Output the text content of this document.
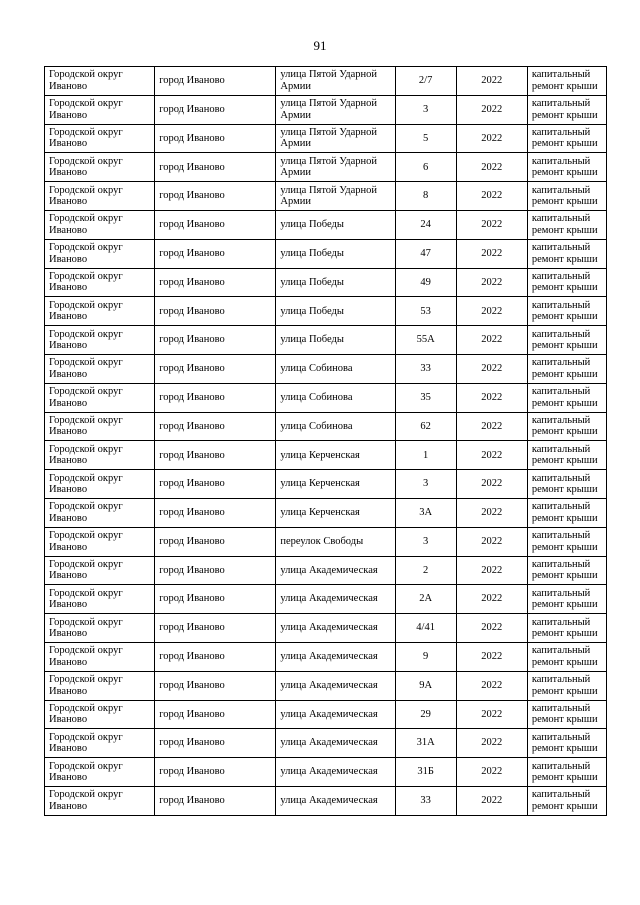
91
Городской округ Иваново	город Иваново	улица Пятой Ударной Армии	2/7	2022	капитальный ремонт крыши
Городской округ Иваново	город Иваново	улица Пятой Ударной Армии	3	2022	капитальный ремонт крыши
Городской округ Иваново	город Иваново	улица Пятой Ударной Армии	5	2022	капитальный ремонт крыши
Городской округ Иваново	город Иваново	улица Пятой Ударной Армии	6	2022	капитальный ремонт крыши
Городской округ Иваново	город Иваново	улица Пятой Ударной Армии	8	2022	капитальный ремонт крыши
Городской округ Иваново	город Иваново	улица Победы	24	2022	капитальный ремонт крыши
Городской округ Иваново	город Иваново	улица Победы	47	2022	капитальный ремонт крыши
Городской округ Иваново	город Иваново	улица Победы	49	2022	капитальный ремонт крыши
Городской округ Иваново	город Иваново	улица Победы	53	2022	капитальный ремонт крыши
Городской округ Иваново	город Иваново	улица Победы	55А	2022	капитальный ремонт крыши
Городской округ Иваново	город Иваново	улица Собинова	33	2022	капитальный ремонт крыши
Городской округ Иваново	город Иваново	улица Собинова	35	2022	капитальный ремонт крыши
Городской округ Иваново	город Иваново	улица Собинова	62	2022	капитальный ремонт крыши
Городской округ Иваново	город Иваново	улица Керченская	1	2022	капитальный ремонт крыши
Городской округ Иваново	город Иваново	улица Керченская	3	2022	капитальный ремонт крыши
Городской округ Иваново	город Иваново	улица Керченская	3А	2022	капитальный ремонт крыши
Городской округ Иваново	город Иваново	переулок Свободы	3	2022	капитальный ремонт крыши
Городской округ Иваново	город Иваново	улица Академическая	2	2022	капитальный ремонт крыши
Городской округ Иваново	город Иваново	улица Академическая	2А	2022	капитальный ремонт крыши
Городской округ Иваново	город Иваново	улица Академическая	4/41	2022	капитальный ремонт крыши
Городской округ Иваново	город Иваново	улица Академическая	9	2022	капитальный ремонт крыши
Городской округ Иваново	город Иваново	улица Академическая	9А	2022	капитальный ремонт крыши
Городской округ Иваново	город Иваново	улица Академическая	29	2022	капитальный ремонт крыши
Городской округ Иваново	город Иваново	улица Академическая	31А	2022	капитальный ремонт крыши
Городской округ Иваново	город Иваново	улица Академическая	31Б	2022	капитальный ремонт крыши
Городской округ Иваново	город Иваново	улица Академическая	33	2022	капитальный ремонт крыши
